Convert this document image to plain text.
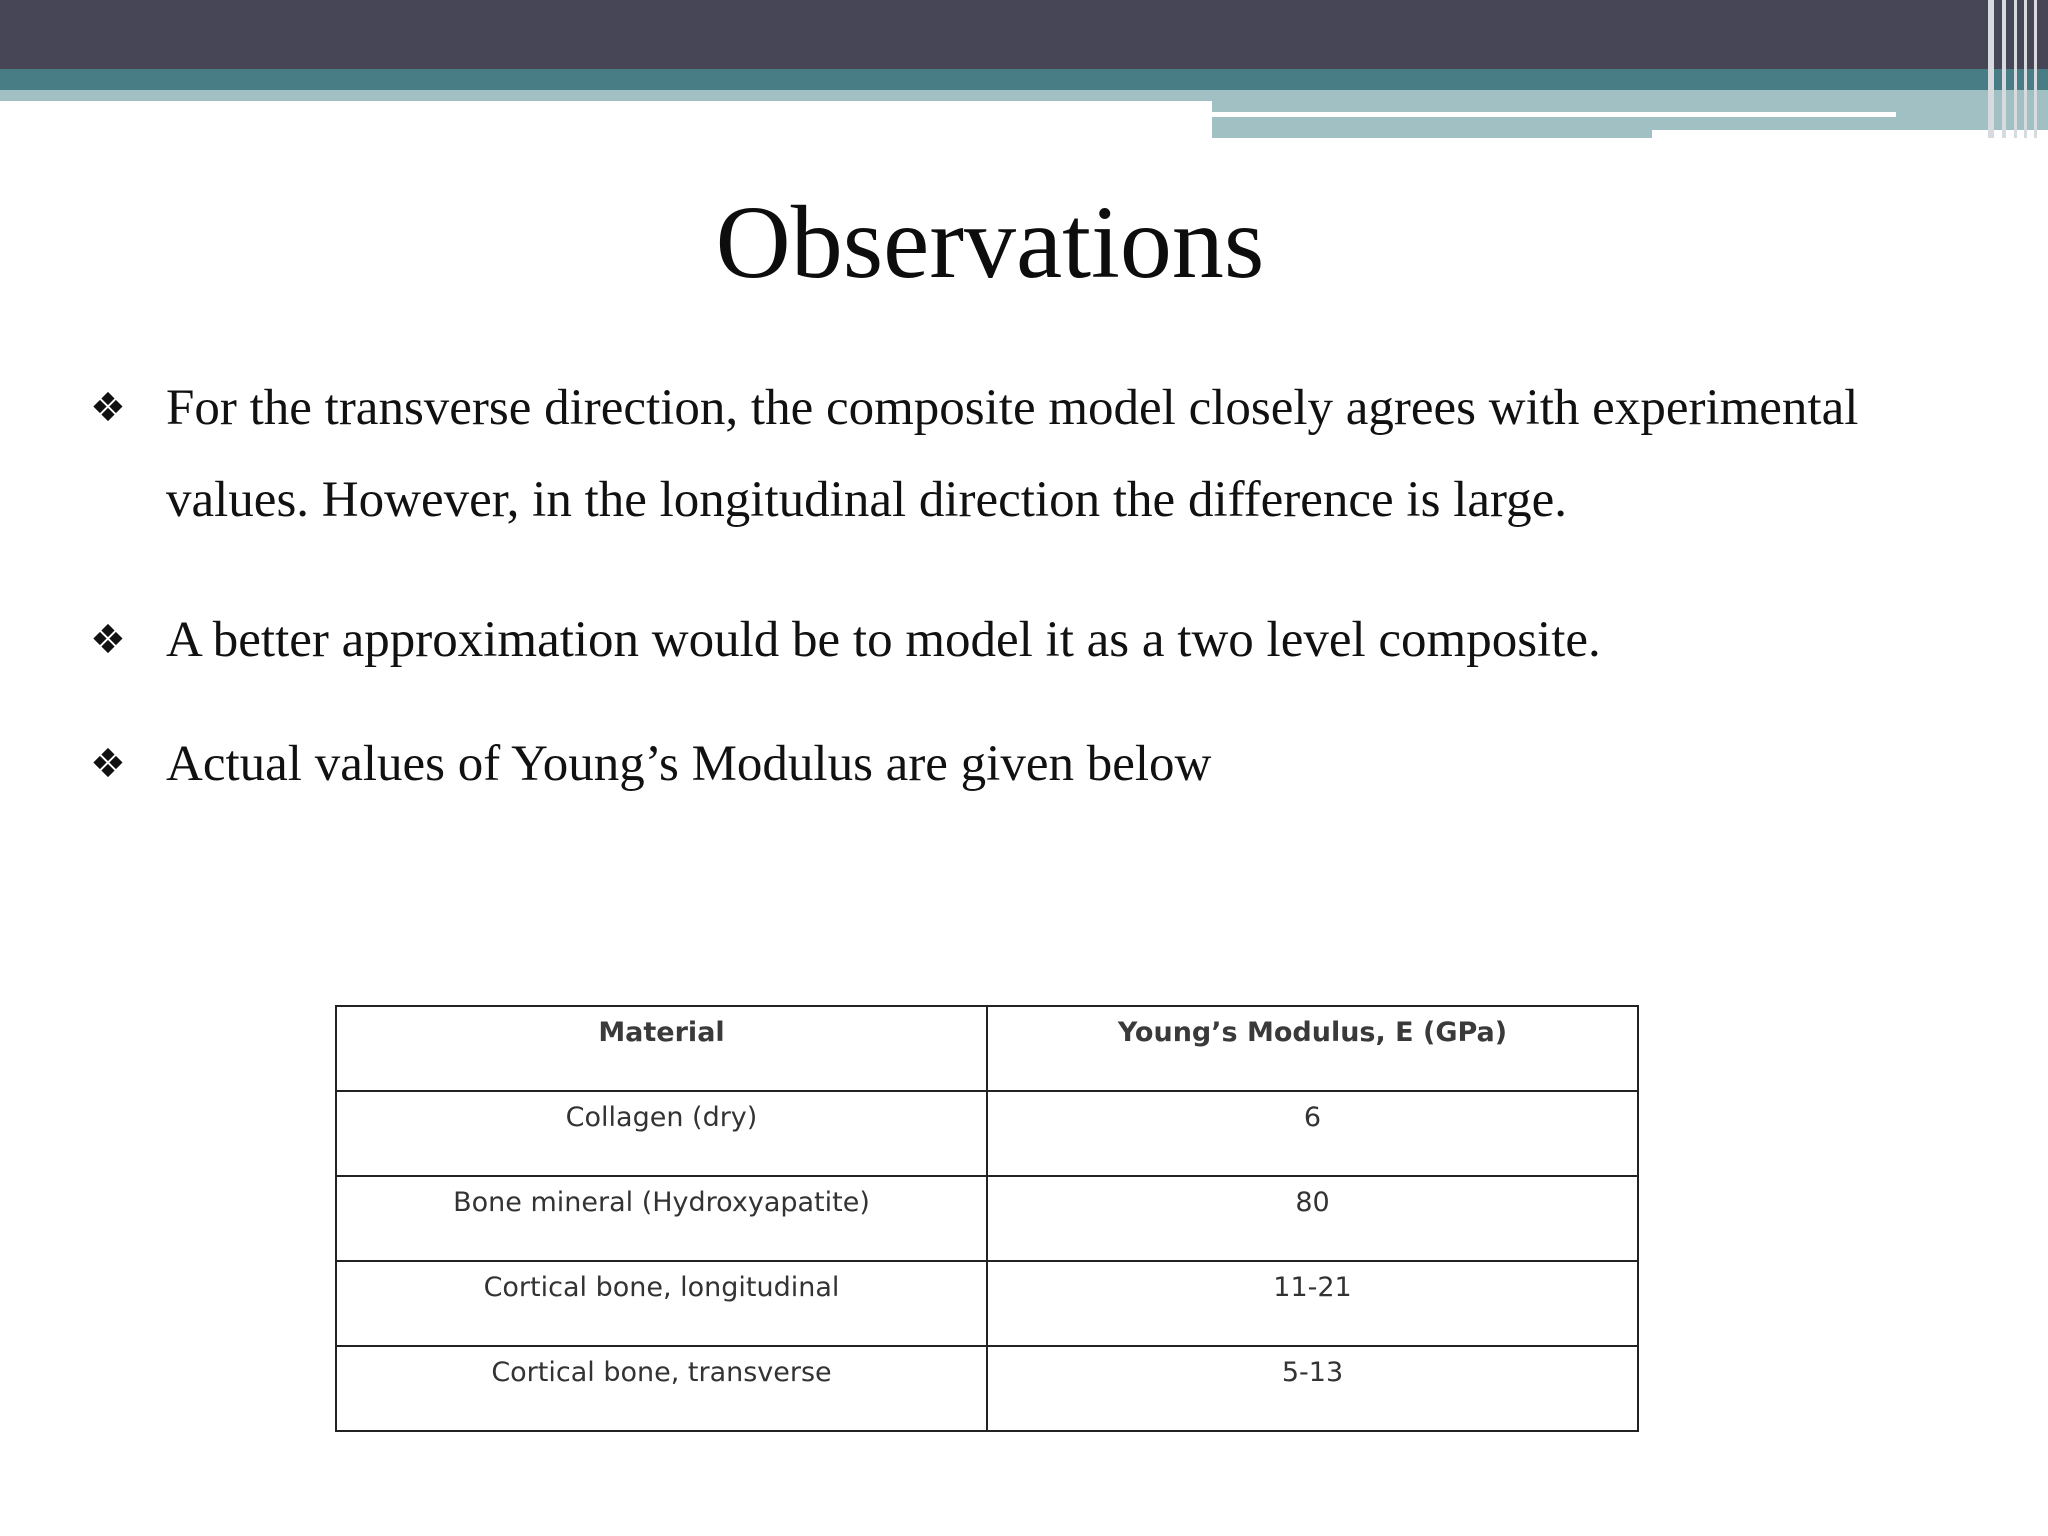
Observations
❖ For the transverse direction, the composite model closely agrees with experimental values. However, in the longitudinal direction the difference is large.
❖ A better approximation would be to model it as a two level composite.
❖ Actual values of Young’s Modulus are given below
Material	Young’s Modulus, E (GPa)
Collagen (dry)	6
Bone mineral (Hydroxyapatite)	80
Cortical bone, longitudinal	11-21
Cortical bone, transverse	5-13
